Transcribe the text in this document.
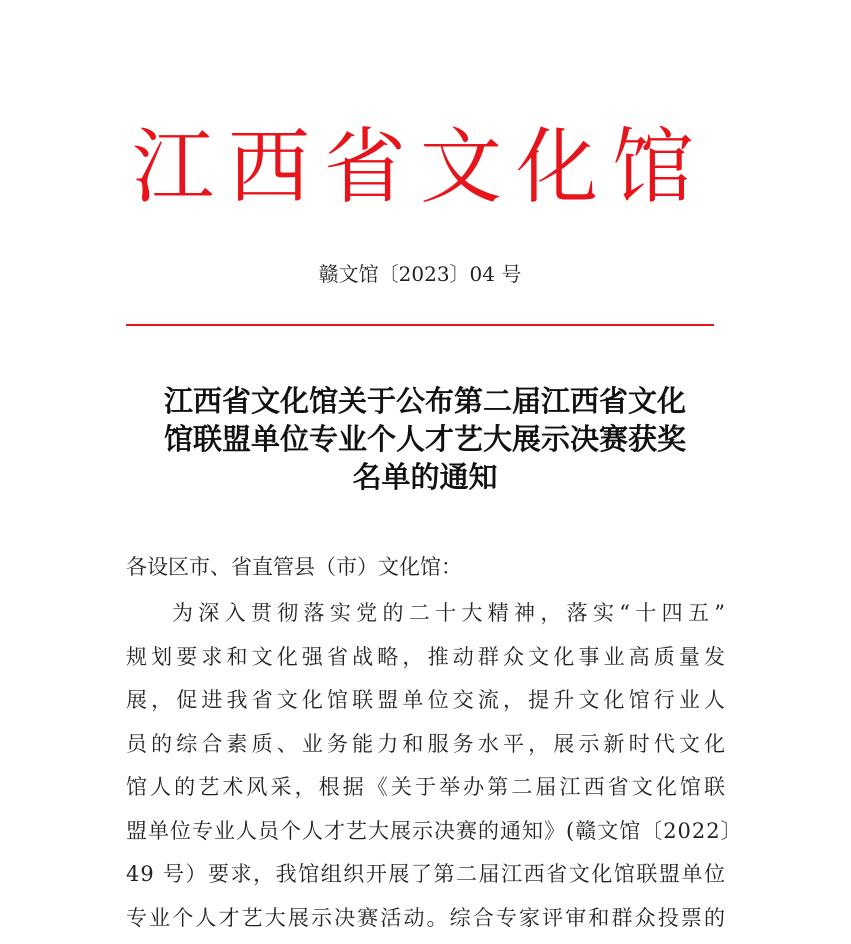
江西省文化馆
赣文馆〔2023〕04 号
江西省文化馆关于公布第二届江西省文化
馆联盟单位专业个人才艺大展示决赛获奖
名单的通知
各设区市、省直管县（市）文化馆：
为深入贯彻落实党的二十大精神，落实“十四五”
规划要求和文化强省战略，推动群众文化事业高质量发
展，促进我省文化馆联盟单位交流，提升文化馆行业人
员的综合素质、业务能力和服务水平，展示新时代文化
馆人的艺术风采，根据《关于举办第二届江西省文化馆联
盟单位专业人员个人才艺大展示决赛的通知》(赣文馆〔2022〕
49 号）要求，我馆组织开展了第二届江西省文化馆联盟单位
专业个人才艺大展示决赛活动。综合专家评审和群众投票的
